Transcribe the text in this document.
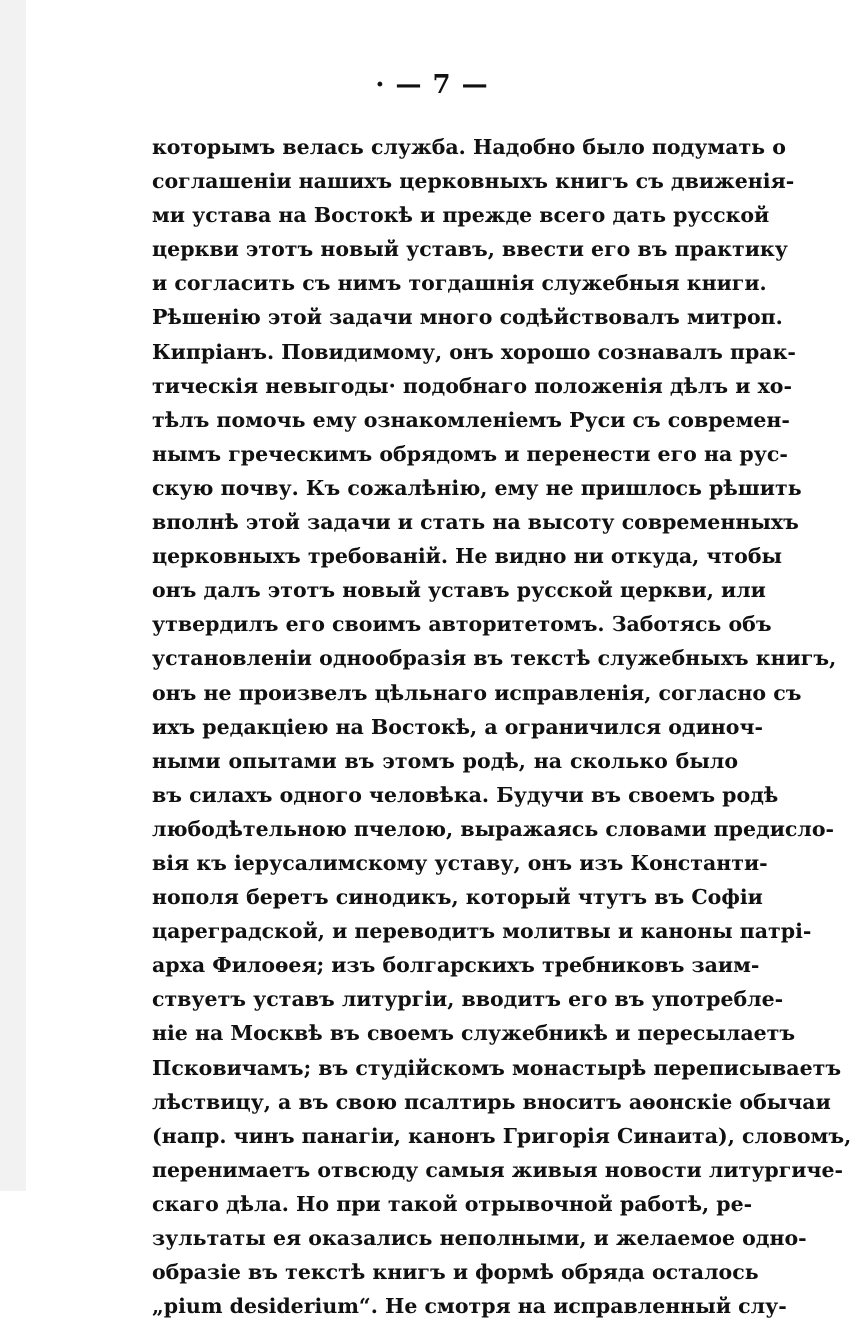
· — 7 —
которымъ велась служба. Надобно было подумать о
соглашеніи нашихъ церковныхъ книгъ съ движенія-
ми устава на Востокѣ и прежде всего дать русской
церкви этотъ новый уставъ, ввести его въ практику
и согласить съ нимъ тогдашнія служебныя книги.
Рѣшенію этой задачи много содѣйствовалъ митроп.
Кипріанъ. Повидимому, онъ хорошо сознавалъ прак-
тическія невыгоды· подобнаго положенія дѣлъ и хо-
тѣлъ помочь ему ознакомленіемъ Руси съ современ-
нымъ греческимъ обрядомъ и перенести его на рус-
скую почву. Къ сожалѣнію, ему не пришлось рѣшить
вполнѣ этой задачи и стать на высоту современныхъ
церковныхъ требованій. Не видно ни откуда, чтобы
онъ далъ этотъ новый уставъ русской церкви, или
утвердилъ его своимъ авторитетомъ. Заботясь объ
установленіи однообразія въ текстѣ служебныхъ книгъ,
онъ не произвелъ цѣльнаго исправленія, согласно съ
ихъ редакціею на Востокѣ, а ограничился одиноч-
ными опытами въ этомъ родѣ, на сколько было
въ силахъ одного человѣка. Будучи въ своемъ родѣ
любодѣтельною пчелою, выражаясь словами предисло-
вія къ іерусалимскому уставу, онъ изъ Константи-
нополя беретъ синодикъ, который чтутъ въ Софіи
цареградской, и переводитъ молитвы и каноны патрі-
арха Филоѳея; изъ болгарскихъ требниковъ заим-
ствуетъ уставъ литургіи, вводитъ его въ употребле-
ніе на Москвѣ въ своемъ служебникѣ и пересылаетъ
Псковичамъ; въ студійскомъ монастырѣ переписываетъ
лѣствицу, а въ свою псалтирь вноситъ аѳонскіе обычаи
(напр. чинъ панагіи, канонъ Григорія Синаита), словомъ,
перенимаетъ отвсюду самыя живыя новости литургиче-
скаго дѣла. Но при такой отрывочной работѣ, ре-
зультаты ея оказались неполными, и желаемое одно-
образіе въ текстѣ книгъ и формѣ обряда осталось
„pium desiderium“. Не смотря на исправленный слу-
